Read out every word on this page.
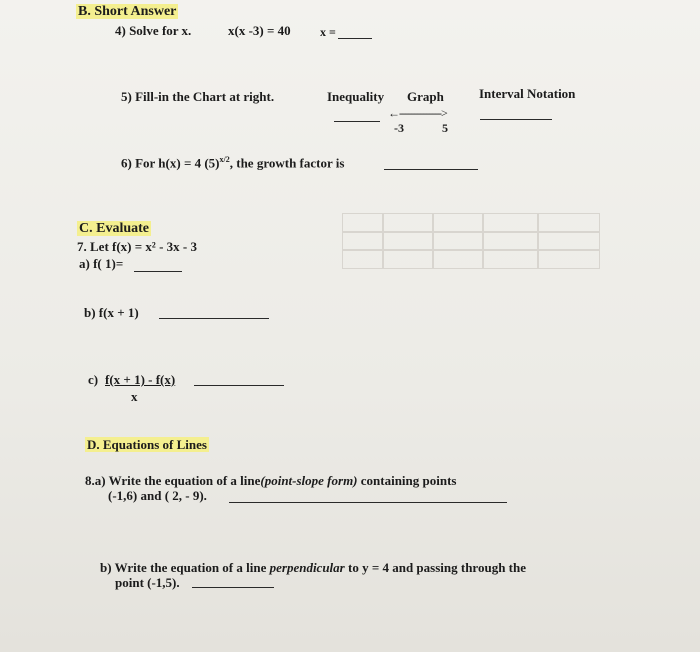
B. Short Answer
4) Solve for x.	x(x -3) = 40 x =
5) Fill-in the Chart at right.	Inequality Graph	Interval Notation
←-------------->
-3	5
6) For h(x) = 4 $(5)^{x/2}$, the growth factor is
C. Evaluate
7. Let f(x) = x² - 3x - 3
a) f( 1)=
b) f(x + 1)
c) f(x + 1) - f(x)
x
D. Equations of Lines
8.a) Write the equation of a line(point-slope form) containing points
(-1,6) and ( 2, - 9).
b) Write the equation of a line perpendicular to y = 4 and passing through the
point (-1,5).
